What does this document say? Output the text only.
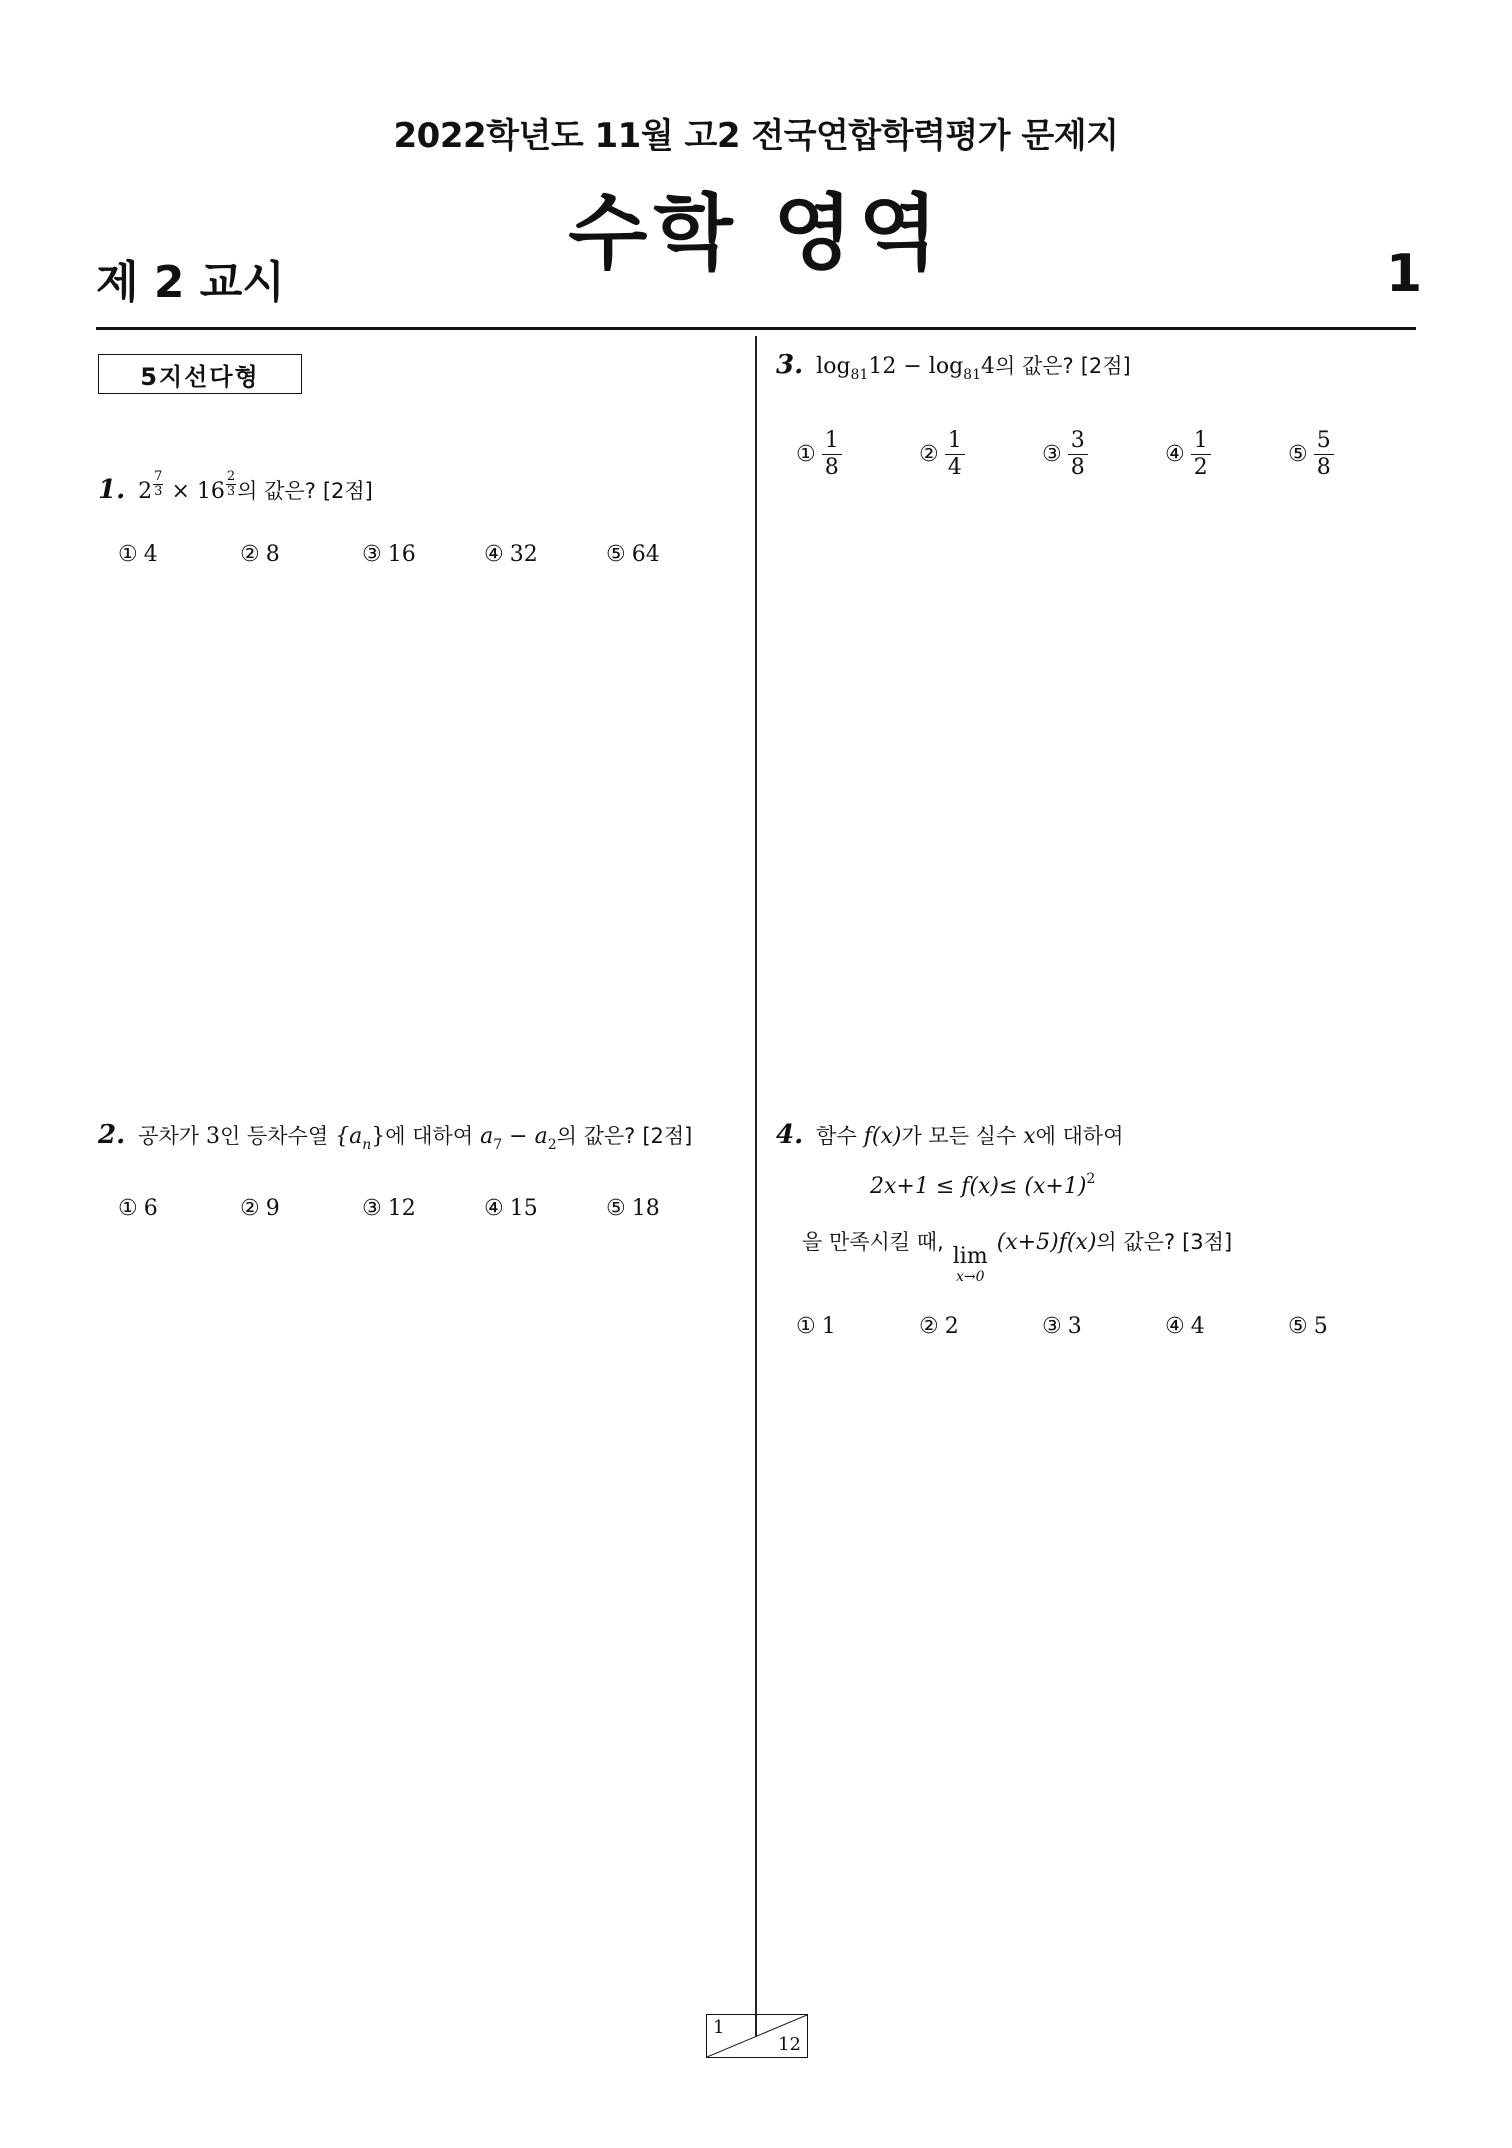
2022학년도 11월 고2 전국연합학력평가 문제지
수학 영역
제 2 교시	1
5지선다형
1. $2 \frac{7}{3} \times 16 \frac{2}{3}$ 의 값은? [2점]
① 4	② 8	③ 16	④ 32	⑤ 64
2. 공차가 3인 등차수열 $\{a_n\}$에 대하여 $a_7 - a_2$의 값은? [2점]
① 6	② 9	③ 12	④ 15	⑤ 18
3. $\log_{81}12 - \log_{81}4$의 값은? [2점]
① $\frac{1}{8}$	② $\frac{1}{4}$	③ $\frac{3}{8}$	④ $\frac{1}{2}$	⑤ $\frac{5}{8}$
4. 함수 f(x)가 모든 실수 x에 대하여
$2x+1 \le f(x)\le (x+1)^2$
을 만족시킬 때,
lim
x→0
(x+5)f(x)의 값은? [3점]
① 1	② 2	③ 3	④ 4	⑤ 5
1
12
